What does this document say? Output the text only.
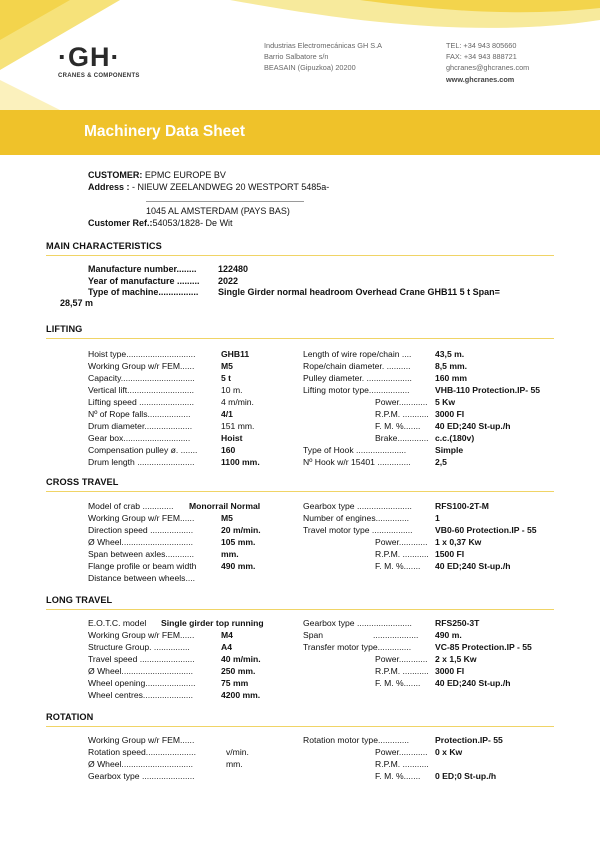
·GH·
CRANES & COMPONENTS
Industrias Electromecánicas GH S.A
Barrio Salbatore s/n
BEASAIN (Gipuzkoa) 20200
TEL: +34 943 805660
FAX: +34 943 888721
ghcranes@ghcranes.com
www.ghcranes.com
Machinery Data Sheet
CUSTOMER: EPMC EUROPE BV
Address : - NIEUW ZEELANDWEG 20 WESTPORT 5485a-
1045 AL AMSTERDAM (PAYS BAS)
Customer Ref.:54053/1828- De Wit
MAIN CHARACTERISTICS
Manufacture number........ 122480
Year of manufacture ......... 2022
Type of machine................ Single Girder normal headroom Overhead Crane GHB11 5 t Span=
28,57 m
LIFTING
Hoist type.............................	GHB11
Working Group w/r FEM......	M5
Capacity...............................	5 t
Vertical lift............................	10 m.
Lifting speed .......................	4 m/min.
Nº of Rope falls..................	4/1
Drum diameter....................	151 mm.
Gear box............................	Hoist
Compensation pulley ø. .......	160
Drum length ........................	1100 mm.
Length of wire rope/chain ....	43,5 m.
Rope/chain diameter. ..........	8,5 mm.
Pulley diameter. ...................	160 mm
Lifting motor type.................	VHB-110 Protection.IP- 55
Power............ 5 Kw
R.P.M. ........... 3000 FI
F. M. %....... 40 ED;240 St-up./h
Brake............. c.c.(180v)
Type of Hook .....................	Simple
Nº Hook w/r 15401 ..............	2,5
CROSS TRAVEL
Model of crab ............. Monorrail Normal
Working Group w/r FEM......	M5
Direction speed ..................	20 m/min.
Ø Wheel..............................	105 mm.
Span between axles............	mm.
Flange profile or beam width	490 mm.
Distance between wheels....
Gearbox type .......................	RFS100-2T-M
Number of engines..............	1
Travel motor type .................	VB0-60 Protection.IP - 55
Power............ 1 x 0,37 Kw
R.P.M. ........... 1500 FI
F. M. %....... 40 ED;240 St-up./h
LONG TRAVEL
E.O.T.C. model Single girder top running
Working Group w/r FEM......	M4
Structure Group. ...............	A4
Travel speed .......................	40 m/min.
Ø Wheel..............................	250 mm.
Wheel opening.....................	75 mm
Wheel centres.....................	4200 mm.
Gearbox type .......................	RFS250-3T
Span	................... 490 m.
Transfer motor type..............	VC-85 Protection.IP - 55
Power............ 2 x 1,5 Kw
R.P.M. ........... 3000 FI
F. M. %....... 40 ED;240 St-up./h
ROTATION
Working Group w/r FEM......
Rotation speed.....................	v/min.
Ø Wheel..............................	mm.
Gearbox type ......................
Rotation motor type.............	Protection.IP- 55
Power............ 0 x Kw
R.P.M. ...........
F. M. %....... 0 ED;0 St-up./h
